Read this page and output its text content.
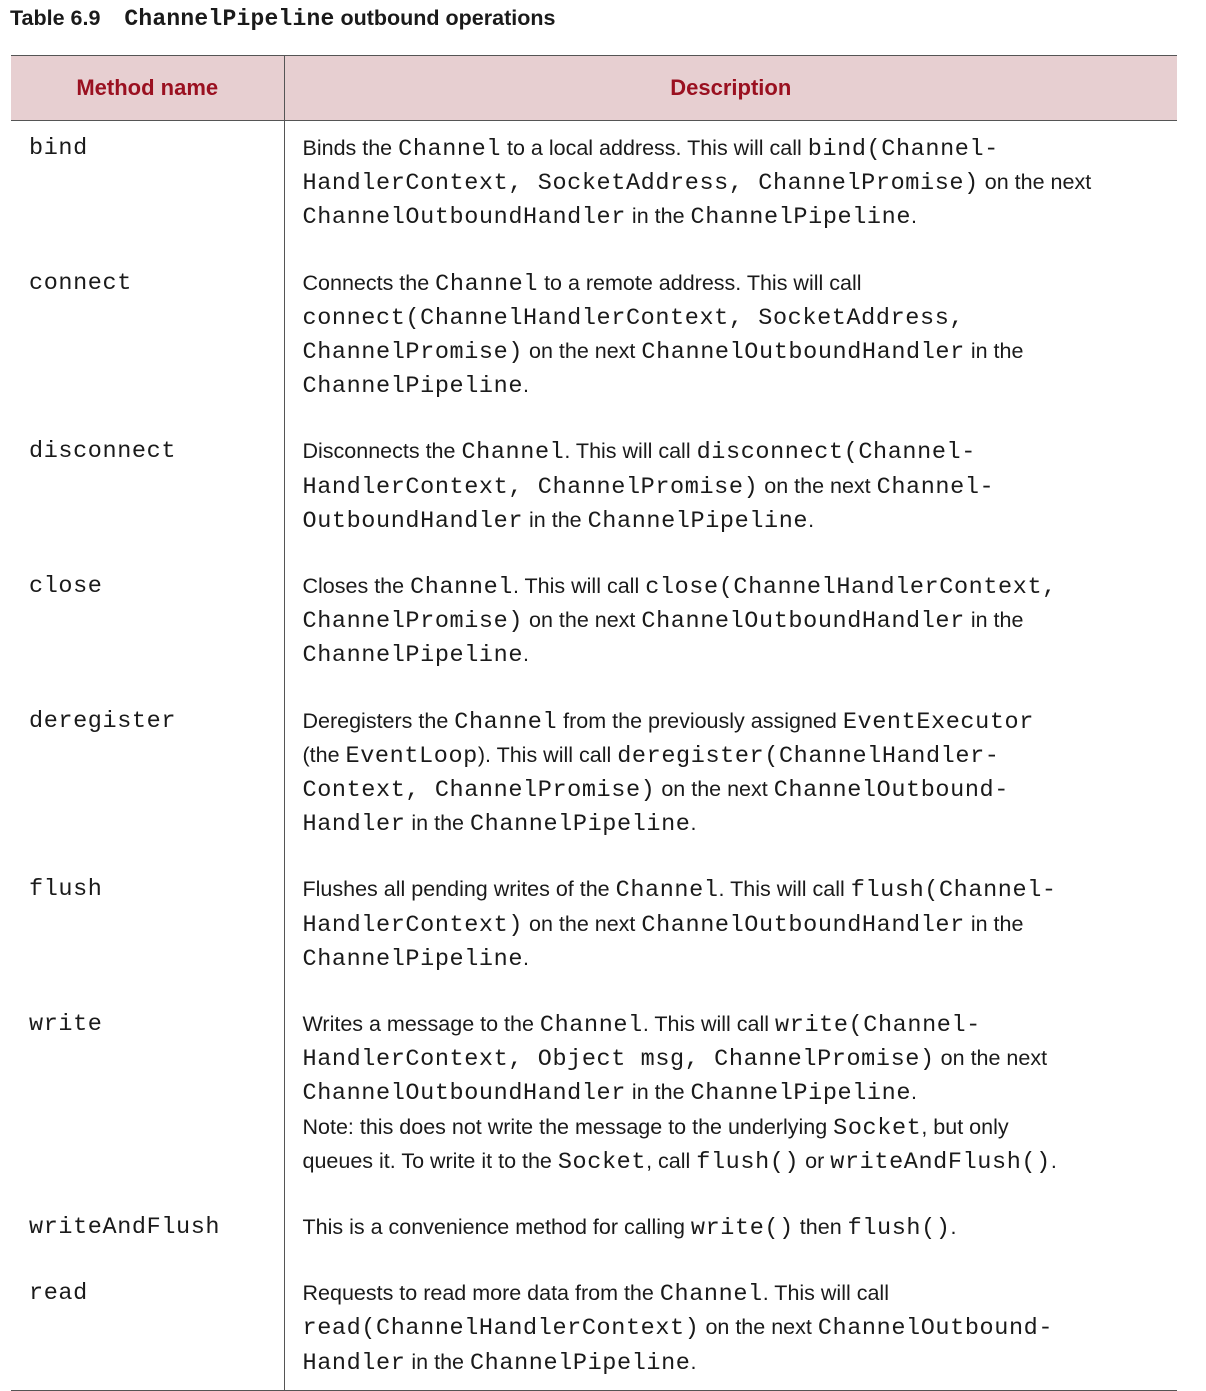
Table 6.9 ChannelPipeline outbound operations
Method name	Description
bind	Binds the Channel to a local address. This will call bind(Channel-
HandlerContext, SocketAddress, ChannelPromise) on the next
ChannelOutboundHandler in the ChannelPipeline.
connect	Connects the Channel to a remote address. This will call
connect(ChannelHandlerContext, SocketAddress,
ChannelPromise) on the next ChannelOutboundHandler in the
ChannelPipeline.
disconnect	Disconnects the Channel. This will call disconnect(Channel-
HandlerContext, ChannelPromise) on the next Channel-
OutboundHandler in the ChannelPipeline.
close	Closes the Channel. This will call close(ChannelHandlerContext,
ChannelPromise) on the next ChannelOutboundHandler in the
ChannelPipeline.
deregister	Deregisters the Channel from the previously assigned EventExecutor
(the EventLoop). This will call deregister(ChannelHandler-
Context, ChannelPromise) on the next ChannelOutbound-
Handler in the ChannelPipeline.
flush	Flushes all pending writes of the Channel. This will call flush(Channel-
HandlerContext) on the next ChannelOutboundHandler in the
ChannelPipeline.
write	Writes a message to the Channel. This will call write(Channel-
HandlerContext, Object msg, ChannelPromise) on the next
ChannelOutboundHandler in the ChannelPipeline.
Note: this does not write the message to the underlying Socket, but only
queues it. To write it to the Socket, call flush() or writeAndFlush().
writeAndFlush	This is a convenience method for calling write() then flush().
read	Requests to read more data from the Channel. This will call
read(ChannelHandlerContext) on the next ChannelOutbound-
Handler in the ChannelPipeline.
